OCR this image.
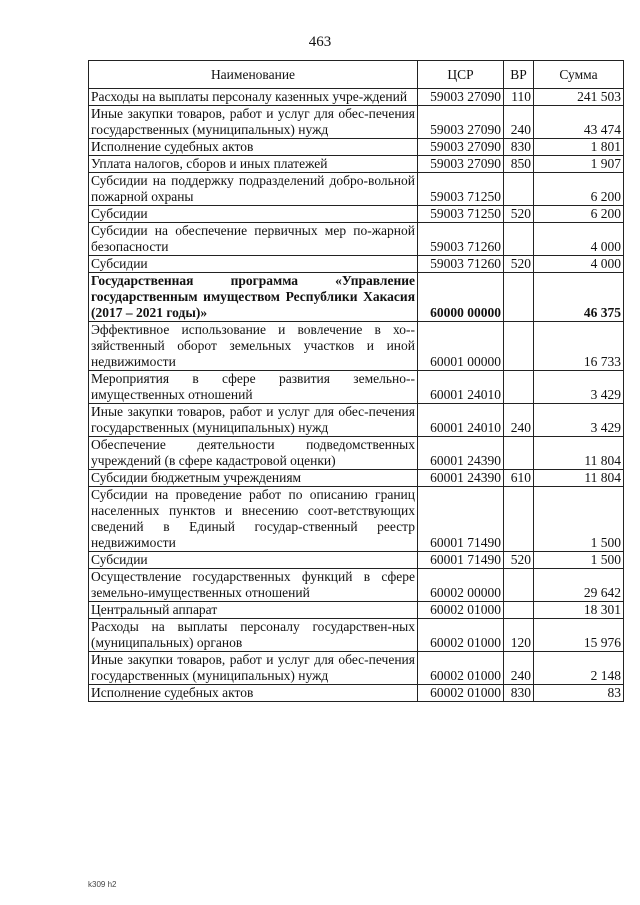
463
Наименование	ЦСР	ВР	Сумма
Расходы на выплаты персоналу казенных учре-ждений	59003 27090	110	241 503
Иные закупки товаров, работ и услуг для обес-печения государственных (муниципальных) нужд	59003 27090	240	43 474
Исполнение судебных актов	59003 27090	830	1 801
Уплата налогов, сборов и иных платежей	59003 27090	850	1 907
Субсидии на поддержку подразделений добро-вольной пожарной охраны	59003 71250		6 200
Субсидии	59003 71250	520	6 200
Субсидии на обеспечение первичных мер по-жарной безопасности	59003 71260		4 000
Субсидии	59003 71260	520	4 000
Государственная программа «Управление государственным имуществом Республики Хакасия (2017 – 2021 годы)»	60000 00000		46 375
Эффективное использование и вовлечение в хо-зяйственный оборот земельных участков и иной недвижимости	60001 00000		16 733
Мероприятия в сфере развития земельно-имущественных отношений	60001 24010		3 429
Иные закупки товаров, работ и услуг для обес-печения государственных (муниципальных) нужд	60001 24010	240	3 429
Обеспечение деятельности подведомственных учреждений (в сфере кадастровой оценки)	60001 24390		11 804
Субсидии бюджетным учреждениям	60001 24390	610	11 804
Субсидии на проведение работ по описанию границ населенных пунктов и внесению соот-ветствующих сведений в Единый государ-ственный реестр недвижимости	60001 71490		1 500
Субсидии	60001 71490	520	1 500
Осуществление государственных функций в сфере земельно-имущественных отношений	60002 00000		29 642
Центральный аппарат	60002 01000		18 301
Расходы на выплаты персоналу государствен-ных (муниципальных) органов	60002 01000	120	15 976
Иные закупки товаров, работ и услуг для обес-печения государственных (муниципальных) нужд	60002 01000	240	2 148
Исполнение судебных актов	60002 01000	830	83
k309 h2
